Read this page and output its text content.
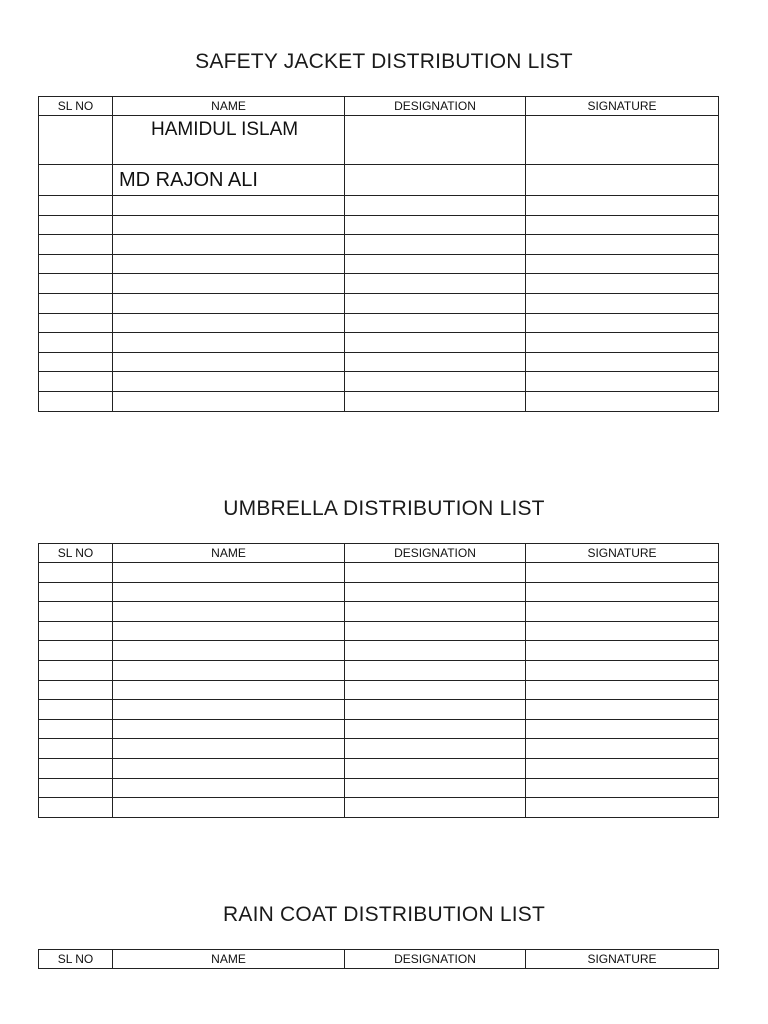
SAFETY JACKET DISTRIBUTION LIST
SL NO	NAME	DESIGNATION	SIGNATURE
	HAMIDUL ISLAM		
	MD RAJON ALI		

UMBRELLA DISTRIBUTION LIST
SL NO	NAME	DESIGNATION	SIGNATURE

RAIN COAT DISTRIBUTION LIST
SL NO	NAME	DESIGNATION	SIGNATURE
